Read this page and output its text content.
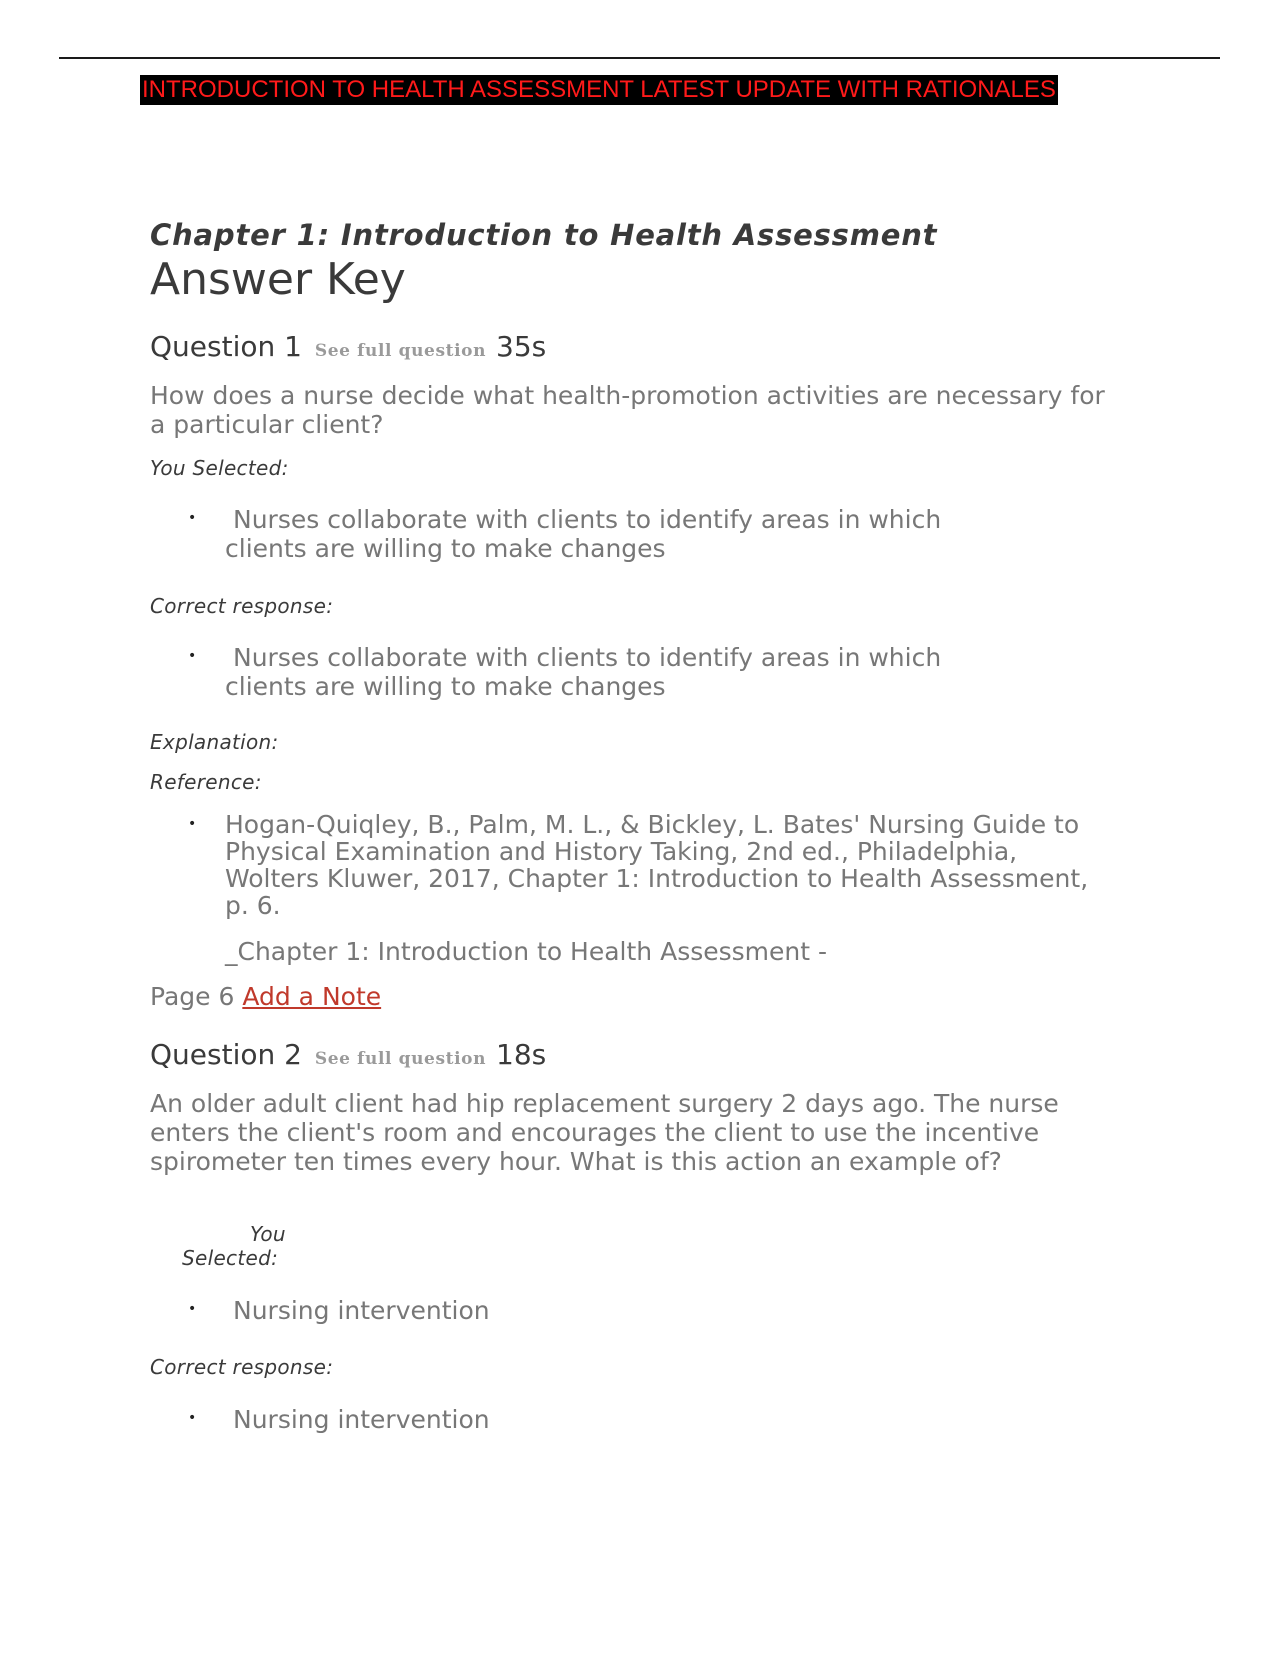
INTRODUCTION TO HEALTH ASSESSMENT LATEST UPDATE WITH RATIONALES
Chapter 1: Introduction to Health Assessment
Answer Key
Question 1 See full question 35s
How does a nurse decide what health-promotion activities are necessary for a particular client?
You Selected:
•	Nurses collaborate with clients to identify areas in which
clients are willing to make changes
Correct response:
•	Nurses collaborate with clients to identify areas in which
clients are willing to make changes
Explanation:
Reference:
• Hogan-Quiqley, B., Palm, M. L., & Bickley, L. Bates' Nursing Guide to Physical Examination and History Taking, 2nd ed., Philadelphia, Wolters Kluwer, 2017, Chapter 1: Introduction to Health Assessment, p. 6.
_Chapter 1: Introduction to Health Assessment -
Page 6 Add a Note
Question 2 See full question 18s
An older adult client had hip replacement surgery 2 days ago. The nurse enters the client's room and encourages the client to use the incentive spirometer ten times every hour. What is this action an example of?
You
Selected:
•	Nursing intervention
Correct response:
•	Nursing intervention
